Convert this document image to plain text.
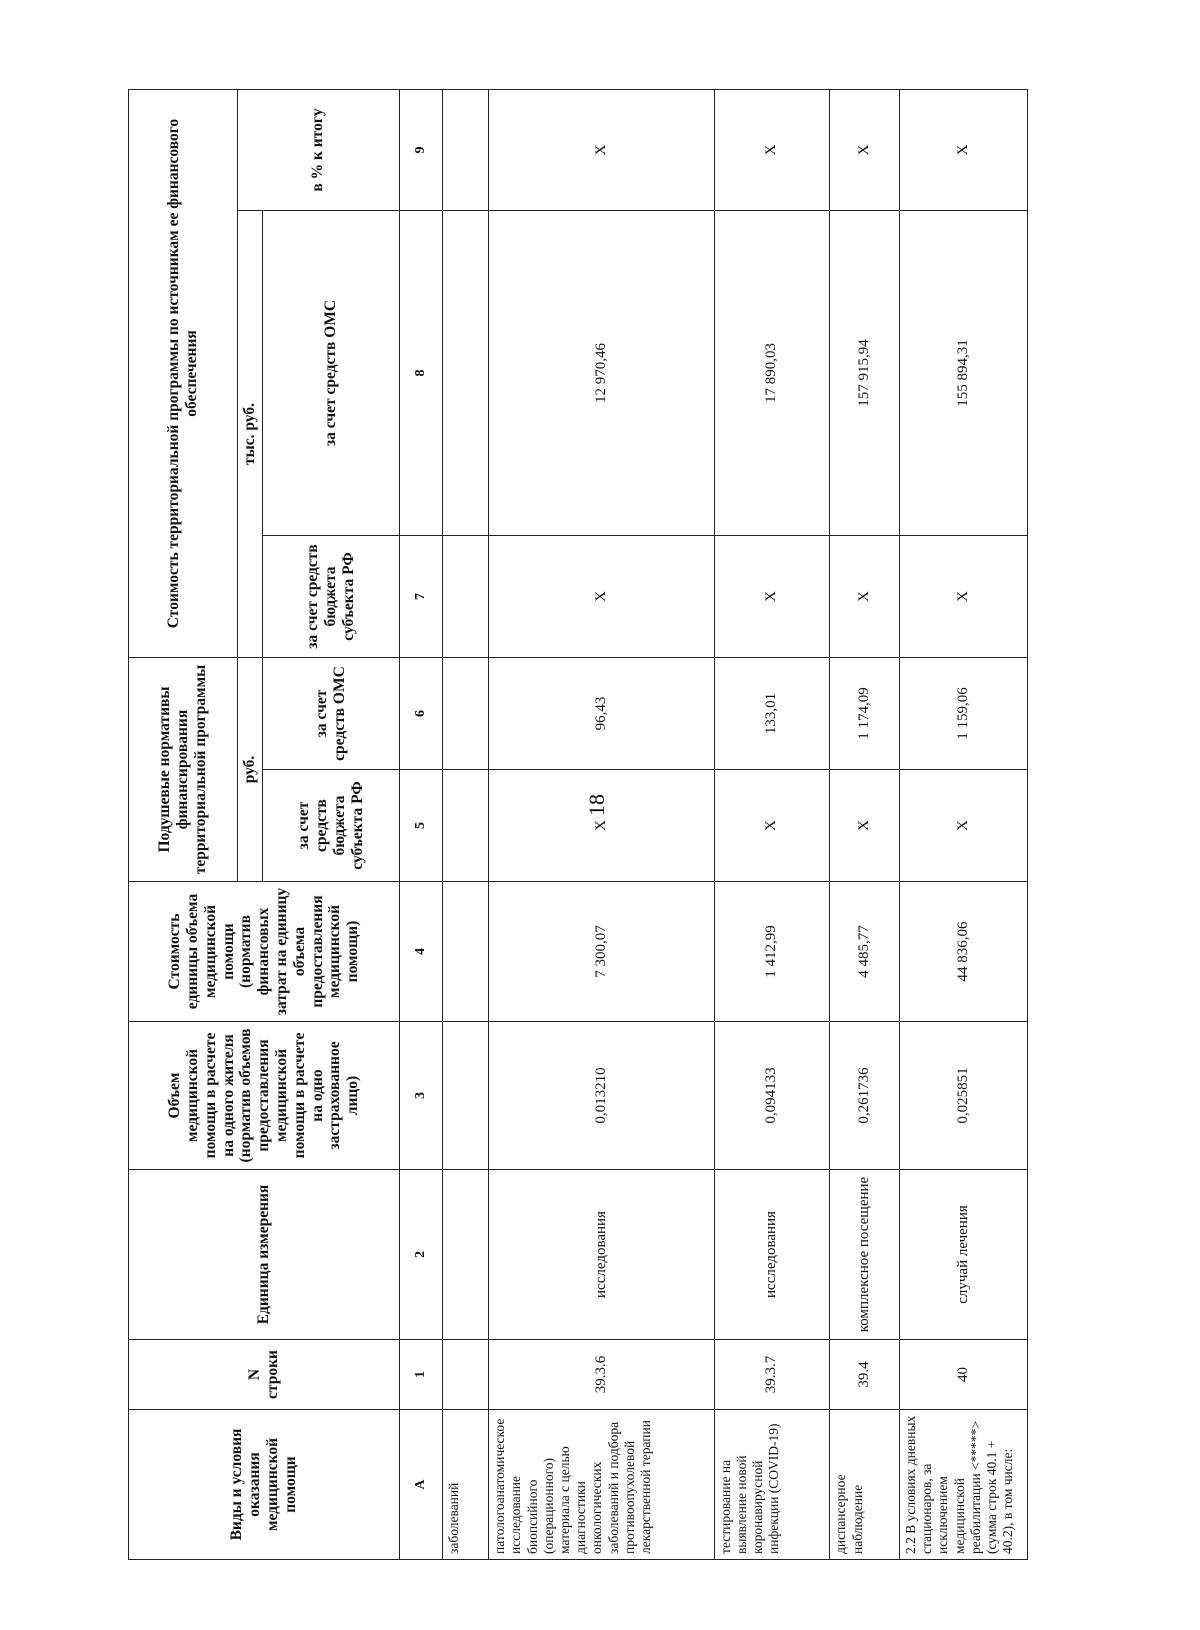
18
Виды и условия оказания медицинской помощи	N строки	Единица измерения	Объем медицинской помощи в расчете на одного жителя (норматив объемов предоставления медицинской помощи в расчете на одно застрахованное лицо)	Стоимость единицы объема медицинской помощи (норматив финансовых затрат на единицу объема предоставления медицинской помощи)	Подушевые нормативы финансирования территориальной программы		Стоимость территориальной программы по источникам ее финансового обеспечения		
					руб.		тыс. руб.		в % к итогу
					за счет средств бюджета субъекта РФ	за счет средств ОМС	за счет средств бюджета субъекта РФ	за счет средств ОМС	
А	1	2	3	4	5	6	7	8	9
заболеваний									
патологоанатомическое исследование биопсийного (операционного) материала с целью диагностики онкологических заболеваний и подбора противоопухолевой лекарственной терапии	39.3.6	исследования	0,013210	7 300,07	X	96,43	X	12 970,46	X
тестирование на выявление новой коронавирусной инфекции (COVID-19)	39.3.7	исследования	0,094133	1 412,99	X	133,01	X	17 890,03	X
диспансерное наблюдение	39.4	комплексное посещение	0,261736	4 485,77	X	1 174,09	X	157 915,94	X
2.2 В условиях дневных стационаров, за исключением медицинской реабилитации <*****> (сумма строк 40.1 + 40.2), в том числе:	40	случай лечения	0,025851	44 836,06	X	1 159,06	X	155 894,31	X
